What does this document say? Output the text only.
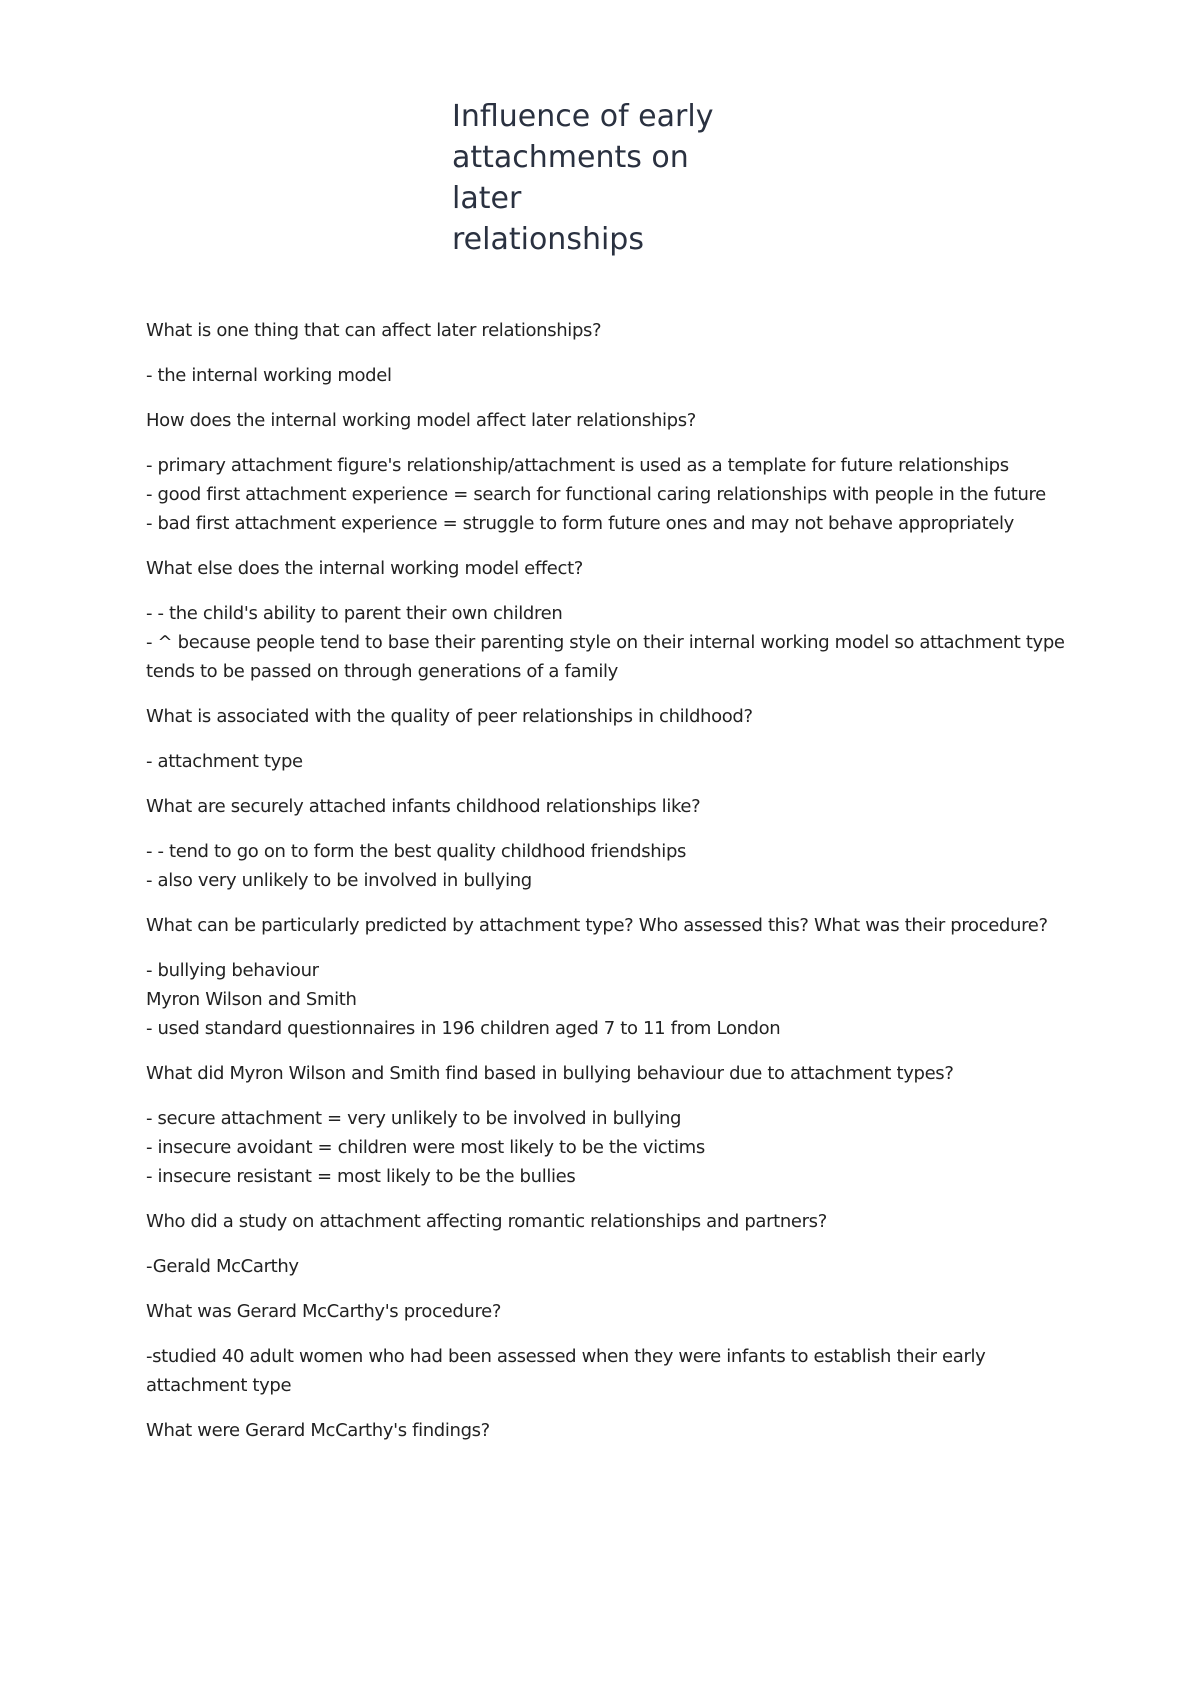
Influence of early
attachments on
later
relationships

What is one thing that can affect later relationships?

- the internal working model

How does the internal working model affect later relationships?

- primary attachment figure's relationship/attachment is used as a template for future relationships
- good first attachment experience = search for functional caring relationships with people in the future
- bad first attachment experience = struggle to form future ones and may not behave appropriately

What else does the internal working model effect?

- - the child's ability to parent their own children
- ^ because people tend to base their parenting style on their internal working model so attachment type tends to be passed on through generations of a family

What is associated with the quality of peer relationships in childhood?

- attachment type

What are securely attached infants childhood relationships like?

- - tend to go on to form the best quality childhood friendships
- also very unlikely to be involved in bullying

What can be particularly predicted by attachment type? Who assessed this? What was their procedure?

- bullying behaviour
Myron Wilson and Smith
- used standard questionnaires in 196 children aged 7 to 11 from London

What did Myron Wilson and Smith find based in bullying behaviour due to attachment types?

- secure attachment = very unlikely to be involved in bullying
- insecure avoidant = children were most likely to be the victims
- insecure resistant = most likely to be the bullies

Who did a study on attachment affecting romantic relationships and partners?

-Gerald McCarthy

What was Gerard McCarthy's procedure?

-studied 40 adult women who had been assessed when they were infants to establish their early attachment type

What were Gerard McCarthy's findings?
